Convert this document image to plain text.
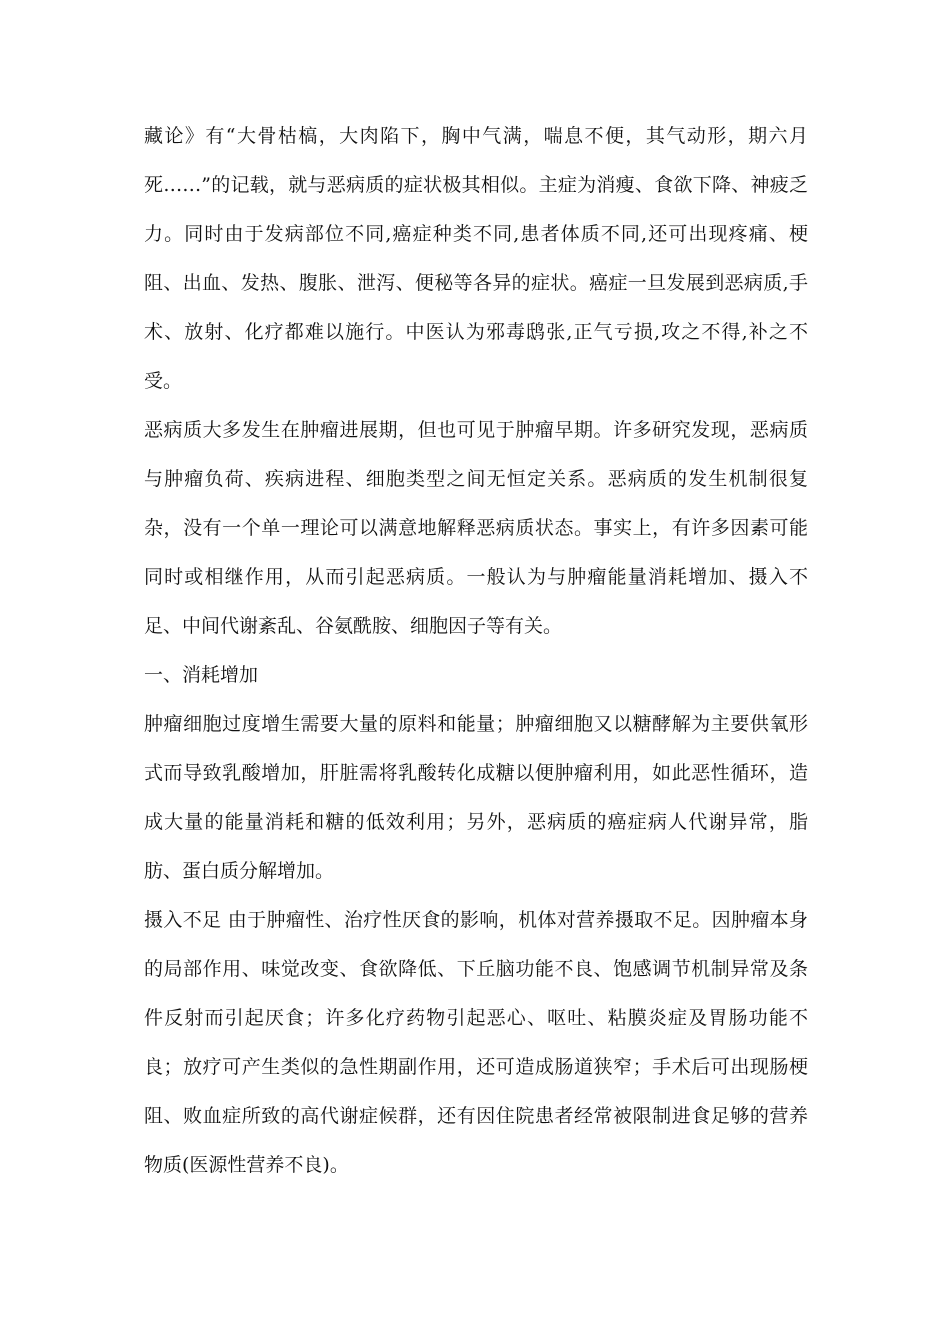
藏论》有“大骨枯槁，大肉陷下，胸中气满，喘息不便，其气动形，期六月死……”的记载，就与恶病质的症状极其相似。主症为消瘦、食欲下降、神疲乏力。同时由于发病部位不同,癌症种类不同,患者体质不同,还可出现疼痛、梗阻、出血、发热、腹胀、泄泻、便秘等各异的症状。癌症一旦发展到恶病质,手术、放射、化疗都难以施行。中医认为邪毒鸱张,正气亏损,攻之不得,补之不受。

恶病质大多发生在肿瘤进展期，但也可见于肿瘤早期。许多研究发现，恶病质与肿瘤负荷、疾病进程、细胞类型之间无恒定关系。恶病质的发生机制很复杂，没有一个单一理论可以满意地解释恶病质状态。事实上，有许多因素可能同时或相继作用，从而引起恶病质。一般认为与肿瘤能量消耗增加、摄入不足、中间代谢紊乱、谷氨酰胺、细胞因子等有关。

一、消耗增加

肿瘤细胞过度增生需要大量的原料和能量；肿瘤细胞又以糖酵解为主要供氧形式而导致乳酸增加，肝脏需将乳酸转化成糖以便肿瘤利用，如此恶性循环，造成大量的能量消耗和糖的低效利用；另外，恶病质的癌症病人代谢异常，脂肪、蛋白质分解增加。

摄入不足 由于肿瘤性、治疗性厌食的影响，机体对营养摄取不足。因肿瘤本身的局部作用、味觉改变、食欲降低、下丘脑功能不良、饱感调节机制异常及条件反射而引起厌食；许多化疗药物引起恶心、呕吐、粘膜炎症及胃肠功能不良；放疗可产生类似的急性期副作用，还可造成肠道狭窄；手术后可出现肠梗阻、败血症所致的高代谢症候群，还有因住院患者经常被限制进食足够的营养物质(医源性营养不良)。
